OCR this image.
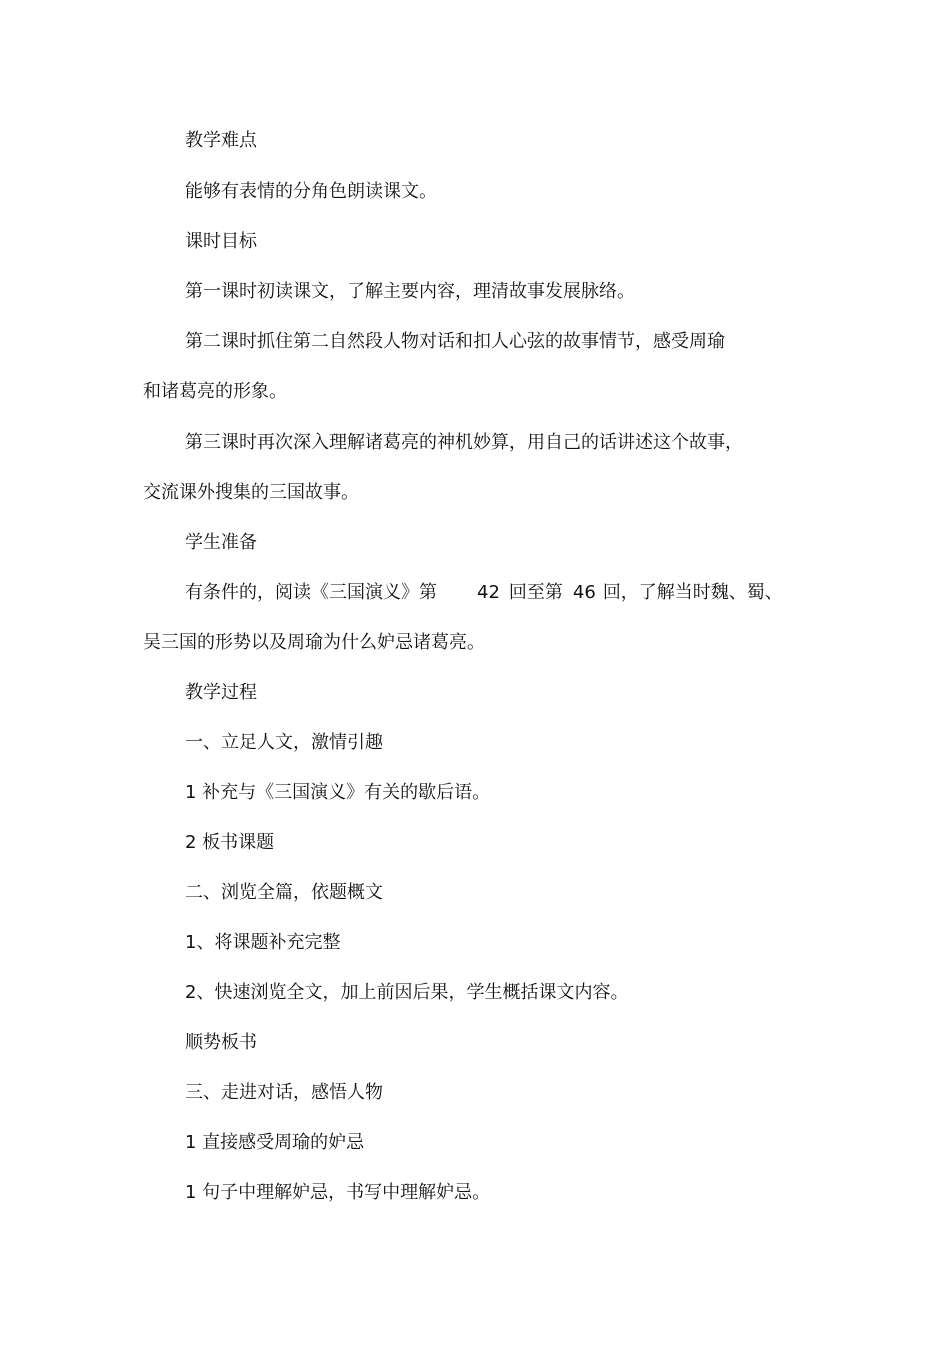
教学难点
能够有表情的分角色朗读课文。
课时目标
第一课时初读课文，了解主要内容，理清故事发展脉络。
第二课时抓住第二自然段人物对话和扣人心弦的故事情节，感受周瑜
和诸葛亮的形象。
第三课时再次深入理解诸葛亮的神机妙算，用自己的话讲述这个故事，
交流课外搜集的三国故事。
学生准备
有条件的，阅读《三国演义》第 42 回至第 46 回，了解当时魏、蜀、
吴三国的形势以及周瑜为什么妒忌诸葛亮。
教学过程
一、立足人文，激情引趣
1 补充与《三国演义》有关的歇后语。
2 板书课题
二、浏览全篇，依题概文
1、将课题补充完整
2、快速浏览全文，加上前因后果，学生概括课文内容。
顺势板书
三、走进对话，感悟人物
1 直接感受周瑜的妒忌
1 句子中理解妒忌，书写中理解妒忌。
